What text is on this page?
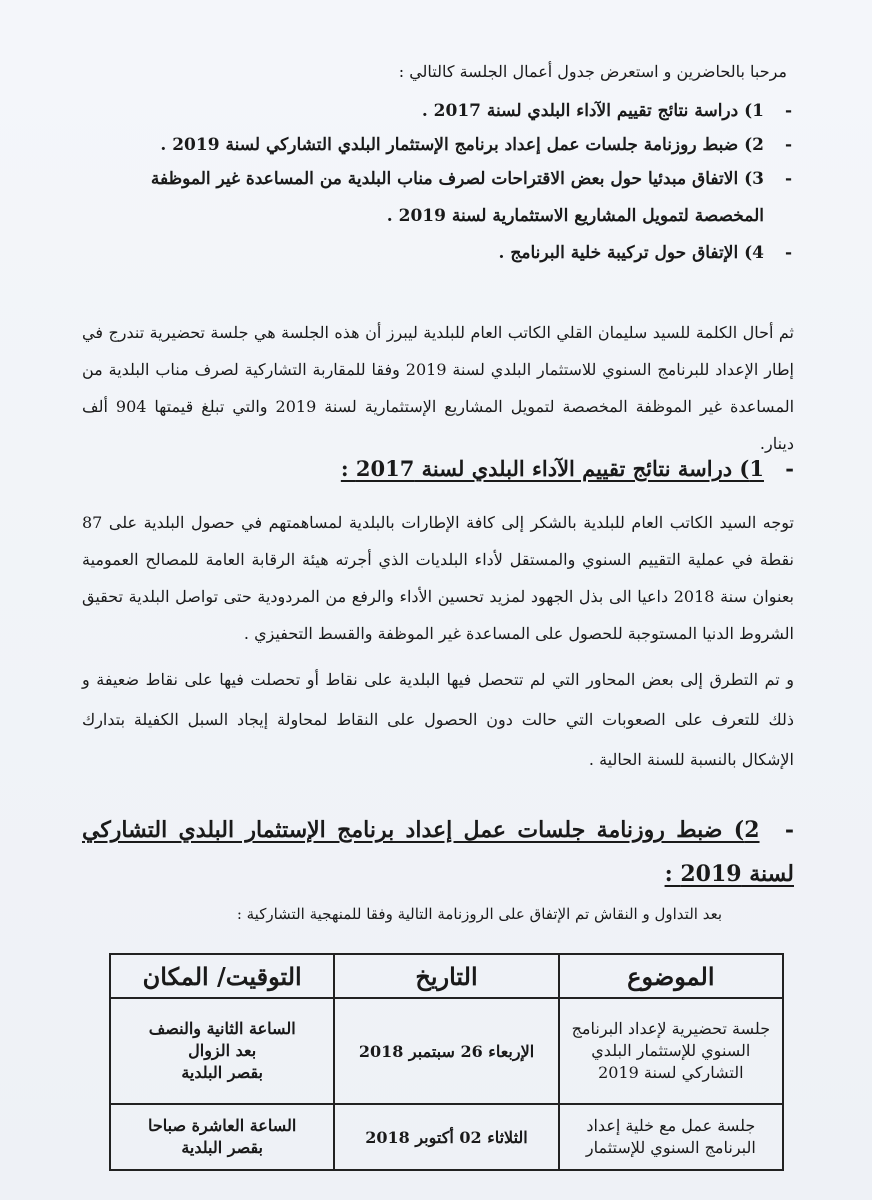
مرحبا بالحاضرين و استعرض جدول أعمال الجلسة كالتالي :
-
1) دراسة نتائج تقييم الآداء البلدي لسنة 2017 .
-
2) ضبط روزنامة جلسات عمل إعداد برنامج الإستثمار البلدي التشاركي لسنة 2019 .
-
3) الاتفاق مبدئيا حول بعض الاقتراحات لصرف مناب البلدية من المساعدة غير الموظفة
المخصصة لتمويل المشاريع الاستثمارية لسنة 2019 .
-
4) الإتفاق حول تركيبة خلية البرنامج .
ثم أحال الكلمة للسيد سليمان القلي الكاتب العام للبلدية ليبرز أن هذه الجلسة هي جلسة تحضيرية تندرج في إطار الإعداد للبرنامج السنوي للاستثمار البلدي لسنة 2019 وفقا للمقاربة التشاركية لصرف مناب البلدية من المساعدة غير الموظفة المخصصة لتمويل المشاريع الإستثمارية لسنة 2019 والتي تبلغ قيمتها 904 ألف دينار.
- 1) دراسة نتائج تقييم الآداء البلدي لسنة 2017 :
توجه السيد الكاتب العام للبلدية بالشكر إلى كافة الإطارات بالبلدية لمساهمتهم في حصول البلدية على 87 نقطة في عملية التقييم السنوي والمستقل لأداء البلديات الذي أجرته هيئة الرقابة العامة للمصالح العمومية بعنوان سنة 2018 داعيا الى بذل الجهود لمزيد تحسين الأداء والرفع من المردودية حتى تواصل البلدية تحقيق الشروط الدنيا المستوجبة للحصول على المساعدة غير الموظفة والقسط التحفيزي .
و تم التطرق إلى بعض المحاور التي لم تتحصل فيها البلدية على نقاط أو تحصلت فيها على نقاط ضعيفة و ذلك للتعرف على الصعوبات التي حالت دون الحصول على النقاط لمحاولة إيجاد السبل الكفيلة بتدارك الإشكال بالنسبة للسنة الحالية .
- 2) ضبط روزنامة جلسات عمل إعداد برنامج الإستثمار البلدي التشاركي لسنة 2019 :
بعد التداول و النقاش تم الإتفاق على الروزنامة التالية وفقا للمنهجية التشاركية :
الموضوع	التاريخ	التوقيت/ المكان
جلسة تحضيرية لإعداد البرنامج السنوي للإستثمار البلدي التشاركي لسنة 2019	الإربعاء 26 سبتمبر 2018	الساعة الثانية والنصف
بعد الزوال
بقصر البلدية

جلسة عمل مع خلية إعداد البرنامج السنوي للإستثمار	الثلاثاء 02 أكتوبر 2018	الساعة العاشرة صباحا
بقصر البلدية
